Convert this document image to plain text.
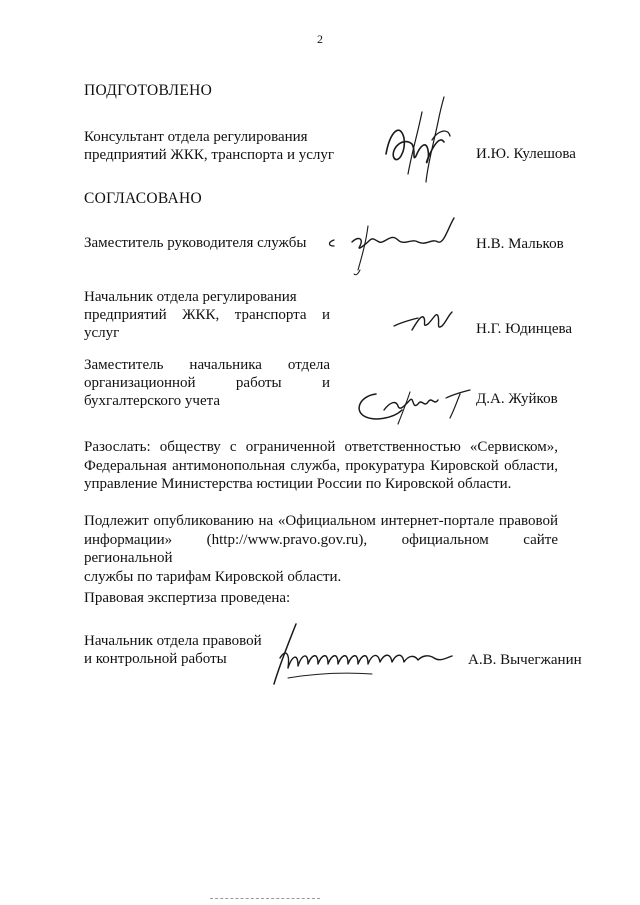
2
ПОДГОТОВЛЕНО
Консультант отдела регулирования
предприятий ЖКК, транспорта и услуг	И.Ю. Кулешова
СОГЛАСОВАНО
Заместитель руководителя службы	Н.В. Мальков
Начальник отдела регулирования
предприятий ЖКК, транспорта и
услуг	Н.Г. Юдинцева
Заместитель начальника отдела
организационной работы и
бухгалтерского учета	Д.А. Жуйков
Разослать: обществу с ограниченной ответственностью «Сервиском»,
Федеральная антимонопольная служба, прокуратура Кировской области,
управление Министерства юстиции России по Кировской области.
Подлежит опубликованию на «Официальном интернет-портале правовой
информации» (http://www.pravo.gov.ru), официальном сайте региональной
службы по тарифам Кировской области.
Правовая экспертиза проведена:
Начальник отдела правовой
и контрольной работы	А.В. Вычегжанин
